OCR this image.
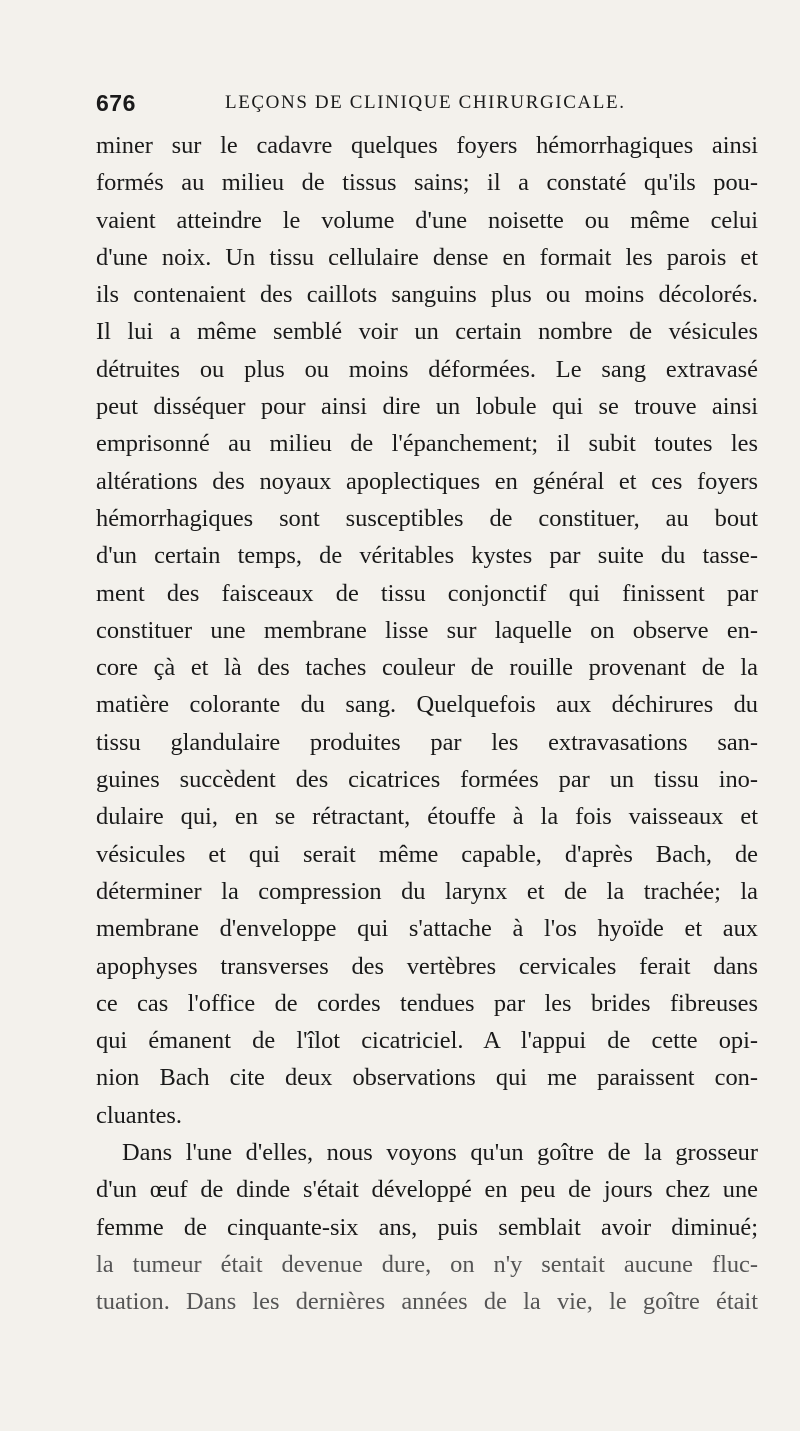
676	LEÇONS DE CLINIQUE CHIRURGICALE.
miner sur le cadavre quelques foyers hémorrhagiques ainsi
formés au milieu de tissus sains; il a constaté qu'ils pou-
vaient atteindre le volume d'une noisette ou même celui
d'une noix. Un tissu cellulaire dense en formait les parois et
ils contenaient des caillots sanguins plus ou moins décolorés.
Il lui a même semblé voir un certain nombre de vésicules
détruites ou plus ou moins déformées. Le sang extravasé
peut disséquer pour ainsi dire un lobule qui se trouve ainsi
emprisonné au milieu de l'épanchement; il subit toutes les
altérations des noyaux apoplectiques en général et ces foyers
hémorrhagiques sont susceptibles de constituer, au bout
d'un certain temps, de véritables kystes par suite du tasse-
ment des faisceaux de tissu conjonctif qui finissent par
constituer une membrane lisse sur laquelle on observe en-
core çà et là des taches couleur de rouille provenant de la
matière colorante du sang. Quelquefois aux déchirures du
tissu glandulaire produites par les extravasations san-
guines succèdent des cicatrices formées par un tissu ino-
dulaire qui, en se rétractant, étouffe à la fois vaisseaux et
vésicules et qui serait même capable, d'après Bach, de
déterminer la compression du larynx et de la trachée; la
membrane d'enveloppe qui s'attache à l'os hyoïde et aux
apophyses transverses des vertèbres cervicales ferait dans
ce cas l'office de cordes tendues par les brides fibreuses
qui émanent de l'îlot cicatriciel. A l'appui de cette opi-
nion Bach cite deux observations qui me paraissent con-
cluantes.
Dans l'une d'elles, nous voyons qu'un goître de la grosseur
d'un œuf de dinde s'était développé en peu de jours chez une
femme de cinquante-six ans, puis semblait avoir diminué;
la tumeur était devenue dure, on n'y sentait aucune fluc-
tuation. Dans les dernières années de la vie, le goître était
